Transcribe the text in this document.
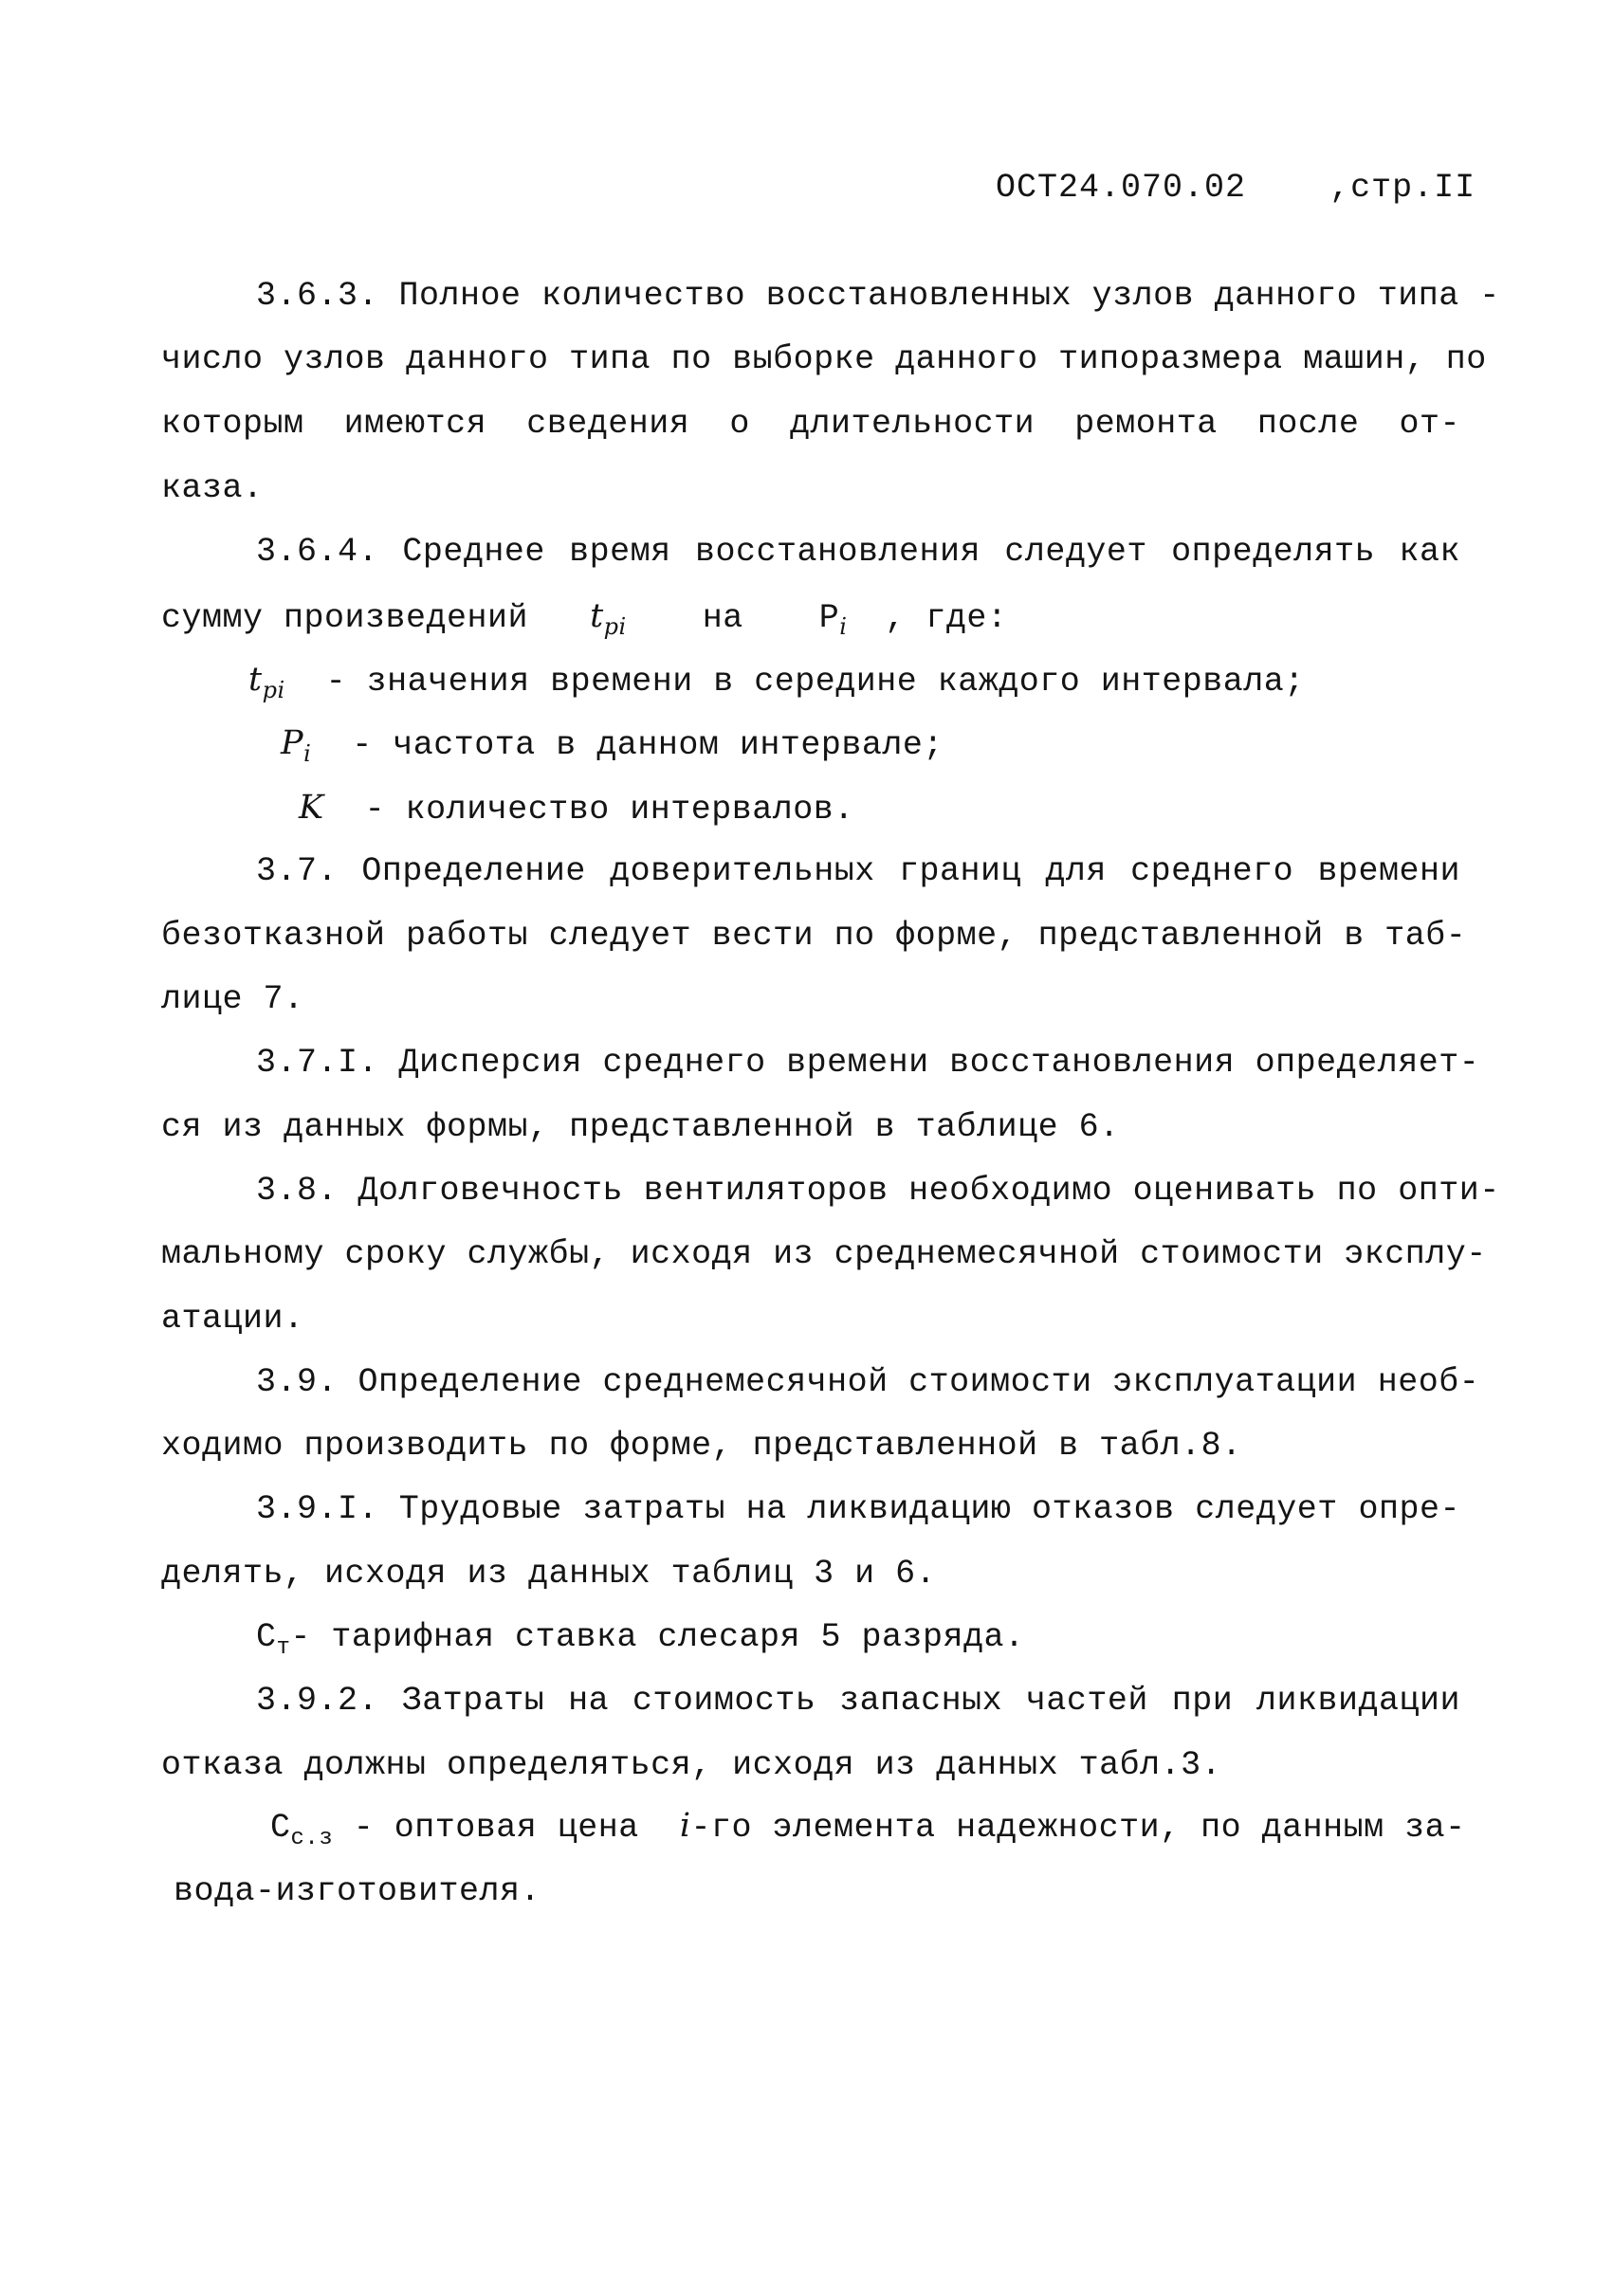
ОСТ24.070.02	,стр.II
3.6.3. Полное количество восстановленных узлов данного типа -
число узлов данного типа по выборке данного типоразмера машин, по
которым имеются сведения о длительности ремонта после от-
каза.
3.6.4. Среднее время восстановления следует определять как
сумму произведений $t_{pi}$ на $P_i$ , где:
$t_{pi}$ - значения времени в середине каждого интервала;
$P_i$ - частота в данном интервале;
K - количество интервалов.
3.7. Определение доверительных границ для среднего времени
безотказной работы следует вести по форме, представленной в таб-
лице 7.
3.7.I. Дисперсия среднего времени восстановления определяет-
ся из данных формы, представленной в таблице 6.
3.8. Долговечность вентиляторов необходимо оценивать по опти-
мальному сроку службы, исходя из среднемесячной стоимости эксплу-
атации.
3.9. Определение среднемесячной стоимости эксплуатации необ-
ходимо производить по форме, представленной в табл.8.
3.9.I. Трудовые затраты на ликвидацию отказов следует опре-
делять, исходя из данных таблиц 3 и 6.
$C_т-$ тарифная ставка слесаря 5 разряда.
3.9.2. Затраты на стоимость запасных частей при ликвидации
отказа должны определяться, исходя из данных табл.3.
$C_{с.з}$ - оптовая цена i-го элемента надежности, по данным за-
вода-изготовителя.
